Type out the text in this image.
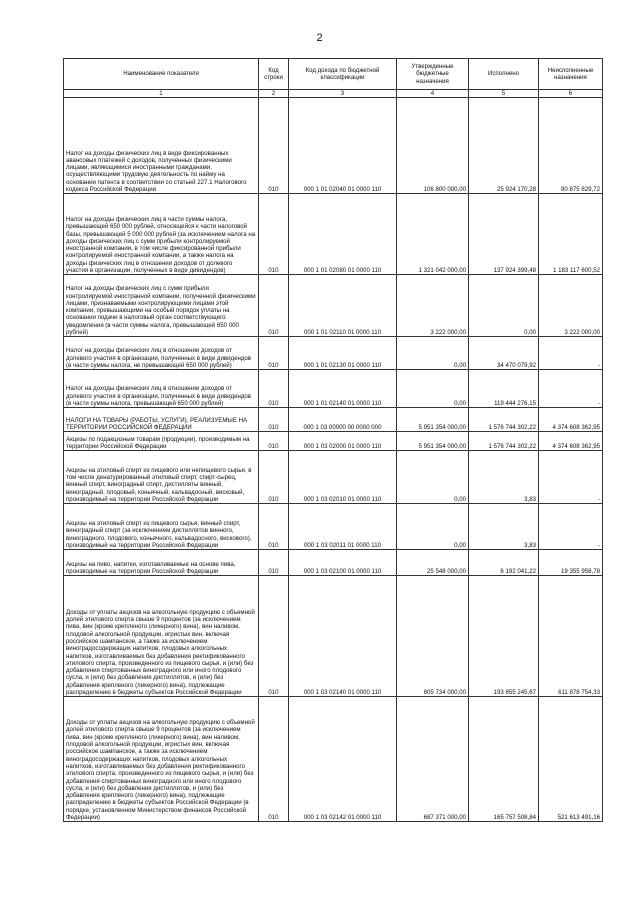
2
Наименование показателя	Код строки	Код дохода по бюджетной классификации	Утвержденные бюджетные назначения	Исполнено	Неисполненные назначения
1	2	3	4	5	6
Налог на доходы физических лиц в виде фиксированных авансовых платежей с доходов, полученных физическими лицами, являющимися иностранными гражданами, осуществляющими трудовую деятельность по найму на основании патента в соответствии со статьей 227.1 Налогового кодекса Российской Федерации	010	000 1 01 02040 01 0000 110	106 800 000,00	25 924 170,28	80 875 829,72
Налог на доходы физических лиц в части суммы налога, превышающей 650 000 рублей, относящейся к части налоговой базы, превышающей 5 000 000 рублей (за исключением налога на доходы физических лиц с сумм прибыли контролируемой иностранной компании, в том числе фиксированной прибыли контролируемой иностранной компании, а также налога на доходы физических лиц в отношении доходов от долевого участия в организации, полученных в виде дивидендов)	010	000 1 01 02080 01 0000 110	1 321 042 000,00	137 924 399,48	1 183 117 600,52
Налог на доходы физических лиц с сумм прибыли контролируемой иностранной компании, полученной физическими лицами, признаваемыми контролирующими лицами этой компании, превышающими на особый порядок уплаты на основании подачи в налоговый орган соответствующего уведомления (в части суммы налога, превышающей 650 000 рублей)	010	000 1 01 02110 01 0000 110	3 222 000,00	0,00	3 222 000,00
Налог на доходы физических лиц в отношении доходов от долевого участия в организации, полученных в виде дивидендов (в части суммы налога, не превышающей 650 000 рублей)	010	000 1 01 02130 01 0000 110	0,00	34 470 079,92	-
Налог на доходы физических лиц в отношении доходов от долевого участия в организации, полученных в виде дивидендов (в части суммы налога, превышающей 650 000 рублей)	010	000 1 01 02140 01 0000 110	0,00	119 444 276,15	-
НАЛОГИ НА ТОВАРЫ (РАБОТЫ, УСЛУГИ), РЕАЛИЗУЕМЫЕ НА ТЕРРИТОРИИ РОССИЙСКОЙ ФЕДЕРАЦИИ	010	000 1 03 00000 00 0000 000	5 951 354 000,00	1 576 744 302,22	4 374 608 362,95
Акцизы по подакцизным товарам (продукции), производимым на территории Российской Федерации	010	000 1 03 02000 01 0000 110	5 951 354 000,00	1 576 744 302,22	4 374 608 362,95
Акцизы на этиловый спирт из пищевого или непищевого сырья, в том числе денатурированный этиловый спирт, спирт-сырец, винный спирт, виноградный спирт, дистилляты винный, виноградный, плодовый, коньячный, кальвадосный, висковый, производимый на территории Российской Федерации	010	000 1 03 02010 01 0000 110	0,00	3,83	-
Акцизы на этиловый спирт из пищевого сырья, винный спирт, виноградный спирт (за исключением дистиллятов винного, виноградного, плодового, коньячного, кальвадосного, вискового), производимый на территории Российской Федерации	010	000 1 03 02011 01 0000 110	0,00	3,83	-
Акцизы на пиво, напитки, изготавливаемые на основе пива, производимые на территории Российской Федерации	010	000 1 03 02100 01 0000 110	25 548 000,00	6 192 041,22	19 355 958,78
Доходы от уплаты акцизов на алкогольную продукцию с объемной долей этилового спирта свыше 9 процентов (за исключением пива, вин (кроме крепленого (ликерного) вина), вин наливом, плодовой алкогольной продукции, игристых вин, включая российское шампанское, а также за исключением виноградосодержащих напитков, плодовых алкогольных напитков, изготавливаемых без добавления ректификованного этилового спирта, произведенного из пищевого сырья, и (или) без добавления спиртованных виноградного или иного плодового сусла, и (или) без добавления дистиллятов, и (или) без добавления крепленого (ликерного) вина), подлежащие распределению в бюджеты субъектов Российской Федерации	010	000 1 03 02140 01 0000 110	805 734 000,00	193 855 245,67	611 878 754,33
Доходы от уплаты акцизов на алкогольную продукцию с объемной долей этилового спирта свыше 9 процентов (за исключением пива, вин (кроме крепленого (ликерного) вина), вин наливом, плодовой алкогольной продукции, игристых вин, включая российское шампанское, а также за исключением виноградосодержащих напитков, плодовых алкогольных напитков, изготавливаемых без добавления ректификованного этилового спирта, произведенного из пищевого сырья, и (или) без добавления спиртованных виноградного или иного плодового сусла, и (или) без добавления дистиллятов, и (или) без добавления крепленого (ликерного) вина), подлежащие распределению в бюджеты субъектов Российской Федерации (в порядке, установленном Министерством финансов Российской Федерации)	010	000 1 03 02142 01 0000 110	687 371 000,00	165 757 508,84	521 613 491,16
